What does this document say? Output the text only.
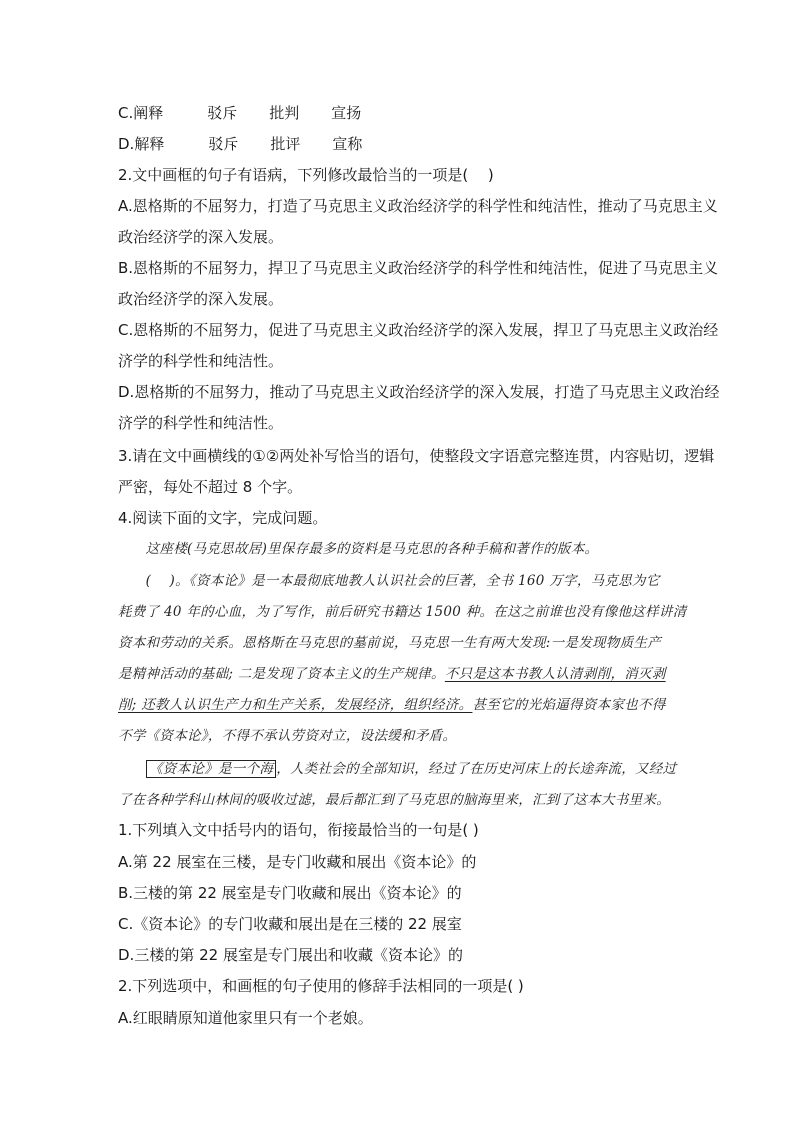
C.阐释	驳斥 批判 宣扬
D.解释	驳斥 批评 宣称
2.文中画框的句子有语病，下列修改最恰当的一项是(　 )
A.恩格斯的不屈努力，打造了马克思主义政治经济学的科学性和纯洁性，推动了马克思主义
政治经济学的深入发展。
B.恩格斯的不屈努力，捍卫了马克思主义政治经济学的科学性和纯洁性，促进了马克思主义
政治经济学的深入发展。
C.恩格斯的不屈努力，促进了马克思主义政治经济学的深入发展，捍卫了马克思主义政治经
济学的科学性和纯洁性。
D.恩格斯的不屈努力，推动了马克思主义政治经济学的深入发展，打造了马克思主义政治经
济学的科学性和纯洁性。
3.请在文中画横线的①②两处补写恰当的语句，使整段文字语意完整连贯，内容贴切，逻辑
严密，每处不超过 8 个字。
4.阅读下面的文字，完成问题。
　　这座楼(马克思故居)里保存最多的资料是马克思的各种手稿和著作的版本。
　　(　 )。《资本论》是一本最彻底地教人认识社会的巨著，全书 160 万字，马克思为它
耗费了 40 年的心血，为了写作，前后研究书籍达 1500 种。在这之前谁也没有像他这样讲清
资本和劳动的关系。恩格斯在马克思的墓前说，马克思一生有两大发现:一是发现物质生产
是精神活动的基础; 二是发现了资本主义的生产规律。不只是这本书教人认清剥削，消灭剥
削; 还教人认识生产力和生产关系，发展经济，组织经济。甚至它的光焰逼得资本家也不得
不学《资本论》，不得不承认劳资对立，设法缓和矛盾。
《资本论》是一个海 ，人类社会的全部知识，经过了在历史河床上的长途奔流，又经过
了在各种学科山林间的吸收过滤，最后都汇到了马克思的脑海里来，汇到了这本大书里来。
1.下列填入文中括号内的语句，衔接最恰当的一句是( )
A.第 22 展室在三楼，是专门收藏和展出《资本论》的
B.三楼的第 22 展室是专门收藏和展出《资本论》的
C.《资本论》的专门收藏和展出是在三楼的 22 展室
D.三楼的第 22 展室是专门展出和收藏《资本论》的
2.下列选项中，和画框的句子使用的修辞手法相同的一项是( )
A.红眼睛原知道他家里只有一个老娘。
